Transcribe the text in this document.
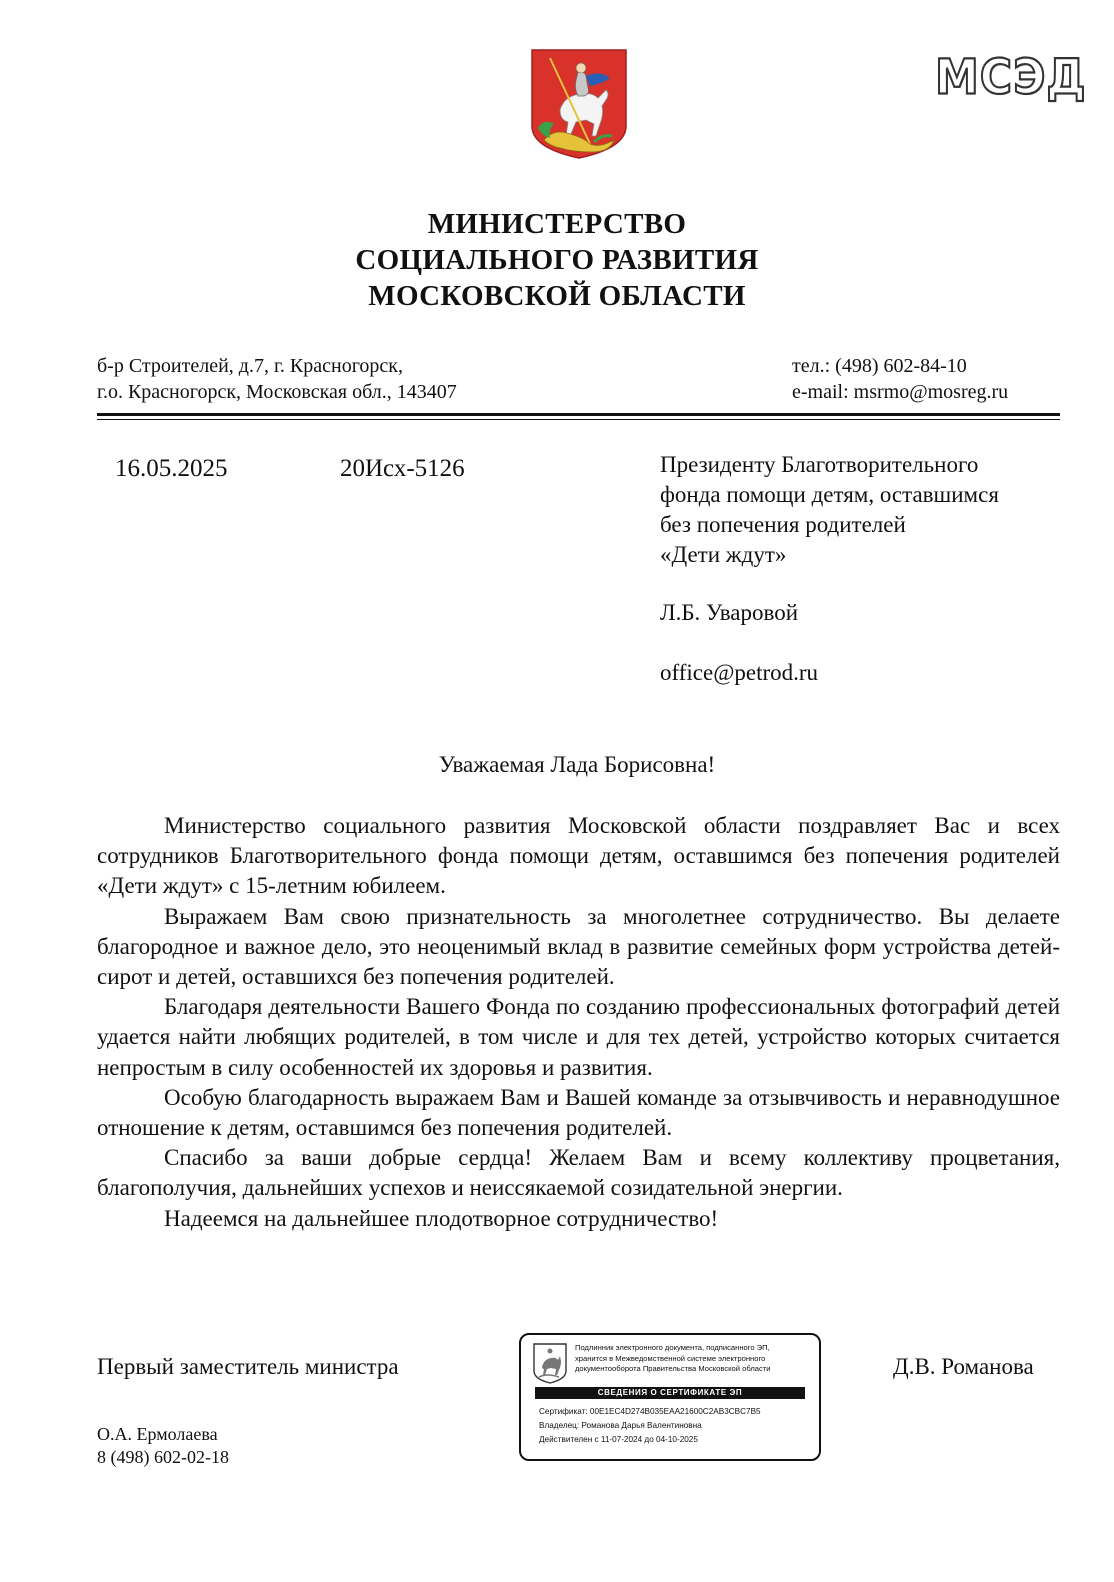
МСЭД
МИНИСТЕРСТВО
СОЦИАЛЬНОГО РАЗВИТИЯ
МОСКОВСКОЙ ОБЛАСТИ
б-р Строителей, д.7, г. Красногорск,
г.о. Красногорск, Московская обл., 143407
тел.: (498) 602-84-10
e-mail: msrmo@mosreg.ru
16.05.2025	20Исх-5126	Президенту Благотворительного
фонда помощи детям, оставшимся
без попечения родителей
«Дети ждут»
Л.Б. Уваровой
office@petrod.ru
Уважаемая Лада Борисовна!

Министерство социального развития Московской области поздравляет Вас и всех сотрудников Благотворительного фонда помощи детям, оставшимся без попечения родителей «Дети ждут» с 15-летним юбилеем.

Выражаем Вам свою признательность за многолетнее сотрудничество. Вы делаете благородное и важное дело, это неоценимый вклад в развитие семейных форм устройства детей-сирот и детей, оставшихся без попечения родителей.

Благодаря деятельности Вашего Фонда по созданию профессиональных фотографий детей удается найти любящих родителей, в том числе и для тех детей, устройство которых считается непростым в силу особенностей их здоровья и развития.

Особую благодарность выражаем Вам и Вашей команде за отзывчивость и неравнодушное отношение к детям, оставшимся без попечения родителей.

Спасибо за ваши добрые сердца! Желаем Вам и всему коллективу процветания, благополучия, дальнейших успехов и неиссякаемой созидательной энергии.

Надеемся на дальнейшее плодотворное сотрудничество!

Первый заместитель министра	Д.В. Романова
Подлинник электронного документа, подписанного ЭП,
хранится в Межведомственной системе электронного
документооборота Правительства Московской области
СВЕДЕНИЯ О СЕРТИФИКАТЕ ЭП
Сертификат: 00E1EC4D274B035EAA21600C2AB3CBC7B5
Владелец: Романова Дарья Валентиновна
Действителен с 11-07-2024 до 04-10-2025
О.А. Ермолаева
8 (498) 602-02-18
